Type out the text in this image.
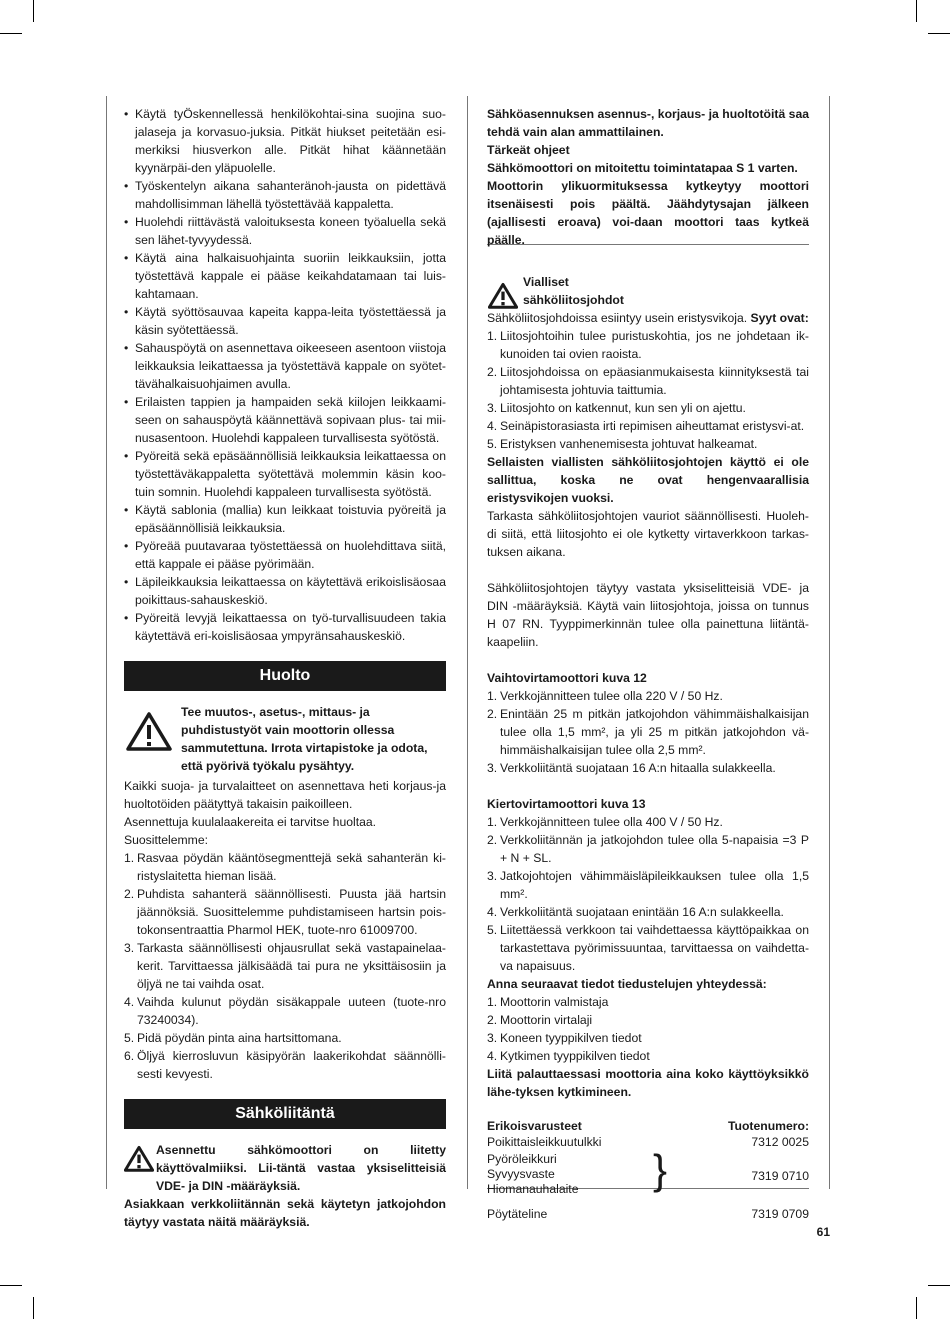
• Käytä tyÖskennellessä henkilökohtai-sina suojina suo-jalaseja ja korvasuo-juksia. Pitkät hiukset peitetään esi-merkiksi hiusverkon alle. Pitkät hihat käännetään kyynärpäi-den yläpuolelle.
• Työskentelyn aikana sahanteränoh-jausta on pidettävä mahdollisimman lähellä työstettävää kappaletta.
• Huolehdi riittävästä valoituksesta koneen työaluella sekä sen lähet-tyvyydessä.
• Käytä aina halkaisuohjainta suoriin leikkauksiin, jotta työstettävä kappale ei pääse keikahdatamaan tai luis-kahtamaan.
• Käytä syöttösauvaa kapeita kappa-leita työstettäessä ja käsin syötettäessä.
• Sahauspöytä on asennettava oikeeseen asentoon viistoja leikkauksia leikattaessa ja työstettävä kappale on syötet-tävähalkaisuohjaimen avulla.
• Erilaisten tappien ja hampaiden sekä kiilojen leikkaami-seen on sahauspöytä käännettävä sopivaan plus- tai mii-nusasentoon. Huolehdi kappaleen turvallisesta syötöstä.
• Pyöreitä sekä epäsäännöllisiä leikkauksia leikattaessa on työstettäväkappaletta syötettävä molemmin käsin koo-tuin somnin. Huolehdi kappaleen turvallisesta syötöstä.
• Käytä sablonia (mallia) kun leikkaat toistuvia pyöreitä ja epäsäännöllisiä leikkauksia.
• Pyöreää puutavaraa työstettäessä on huolehdittava siitä, että kappale ei pääse pyörimään.
• Läpileikkauksia leikattaessa on käytettävä erikoislisäosaa poikittaus-sahauskeskiö.
• Pyöreitä levyjä leikattaessa on työ-turvallisuudeen takia käytettävä eri-koislisäosaa ympyränsahauskeskiö.
Huolto

Tee muutos-, asetus-, mittaus- ja puhdistustyöt vain moottorin ollessa sammutettuna. Irrota virtapistoke ja odota, että pyörivä työkalu pysähtyy.

Kaikki suoja- ja turvalaitteet on asennettava heti korjaus-ja huoltotöiden päätyttyä takaisin paikoilleen.

Asennettuja kuulalaakereita ei tarvitse huoltaa.

Suosittelemme:

1. Rasvaa pöydän kääntösegmenttejä sekä sahanterän ki-ristyslaitetta hieman lisää.
2. Puhdista sahanterä säännöllisesti. Puusta jää hartsin jäännöksiä. Suosittelemme puhdistamiseen hartsin pois-tokonsentraattia Pharmol HEK, tuote-nro 61009700.
3. Tarkasta säännöllisesti ohjausrullat sekä vastapainelaa-kerit. Tarvittaessa jälkisäädä tai pura ne yksittäisosiin ja öljyä ne tai vaihda osat.
4. Vaihda kulunut pöydän sisäkappale uuteen (tuote-nro 73240034).
5. Pidä pöydän pinta aina hartsittomana.
6. Öljyä kierrosluvun käsipyörän laakerikohdat säännölli-sesti kevyesti.
Sähköliitäntä

Asennettu sähkömoottori on liitetty käyttövalmiiksi. Lii-täntä vastaa yksiselitteisiä VDE- ja DIN -määräyksiä.

Asiakkaan verkkoliitännän sekä käytetyn jatkojohdon täytyy vastata näitä määräyksiä.

Sähköasennuksen asennus-, korjaus- ja huoltotöitä saa tehdä vain alan ammattilainen.

Tärkeät ohjeet

Sähkömoottori on mitoitettu toimintatapaa S 1 varten.

Moottorin ylikuormituksessa kytkeytyy moottori itsenäisesti pois päältä. Jäähdytysajan jälkeen (ajallisesti eroava) voi-daan moottori taas kytkeä päälle.

Vialliset

sähköliitosjohdot

Sähköliitosjohdoissa esiintyy usein eristysvikoja. Syyt ovat:

1. Liitosjohtoihin tulee puristuskohtia, jos ne johdetaan ik-kunoiden tai ovien raoista.
2. Liitosjohdoissa on epäasianmukaisesta kiinnityksestä tai johtamisesta johtuvia taittumia.
3. Liitosjohto on katkennut, kun sen yli on ajettu.
4. Seinäpistorasiasta irti repimisen aiheuttamat eristysvi-at.
5. Eristyksen vanhenemisesta johtuvat halkeamat.

Sellaisten viallisten sähköliitosjohtojen käyttö ei ole sallittua, koska ne ovat hengenvaarallisia eristysvikojen vuoksi.

Tarkasta sähköliitosjohtojen vauriot säännöllisesti. Huoleh-di siitä, että liitosjohto ei ole kytketty virtaverkkoon tarkas-tuksen aikana.

Sähköliitosjohtojen täytyy vastata yksiselitteisiä VDE- ja DIN -määräyksiä. Käytä vain liitosjohtoja, joissa on tunnus H 07 RN. Tyyppimerkinnän tulee olla painettuna liitäntä-kaapeliin.

Vaihtovirtamoottori kuva 12

1. Verkkojännitteen tulee olla 220 V / 50 Hz.
2. Enintään 25 m pitkän jatkojohdon vähimmäishalkaisijan tulee olla 1,5 mm², ja yli 25 m pitkän jatkojohdon vä-himmäishalkaisijan tulee olla 2,5 mm².
3. Verkkoliitäntä suojataan 16 A:n hitaalla sulakkeella.

Kiertovirtamoottori kuva 13

1. Verkkojännitteen tulee olla 400 V / 50 Hz.
2. Verkkoliitännän ja jatkojohdon tulee olla 5-napaisia =3 P + N + SL.
3. Jatkojohtojen vähimmäisläpileikkauksen tulee olla 1,5 mm².
4. Verkkoliitäntä suojataan enintään 16 A:n sulakkeella.
5. Liitettäessä verkkoon tai vaihdettaessa käyttöpaikkaa on tarkastettava pyörimissuuntaa, tarvittaessa on vaihdetta-va napaisuus.

Anna seuraavat tiedot tiedustelujen yhteydessä:

1. Moottorin valmistaja
2. Moottorin virtalaji
3. Koneen tyyppikilven tiedot
4. Kytkimen tyyppikilven tiedot

Liitä palauttaessasi moottoria aina koko käyttöyksikkö lähe-tyksen kytkimineen.

Erikoisvarusteet	Tuotenumero:
Poikittaisleikkuutulkki	7312 0025
Pyöröleikkuri
Syvyysvaste
Hiomanauhalaite }	7319 0710
Pöytäteline	7319 0709
61
